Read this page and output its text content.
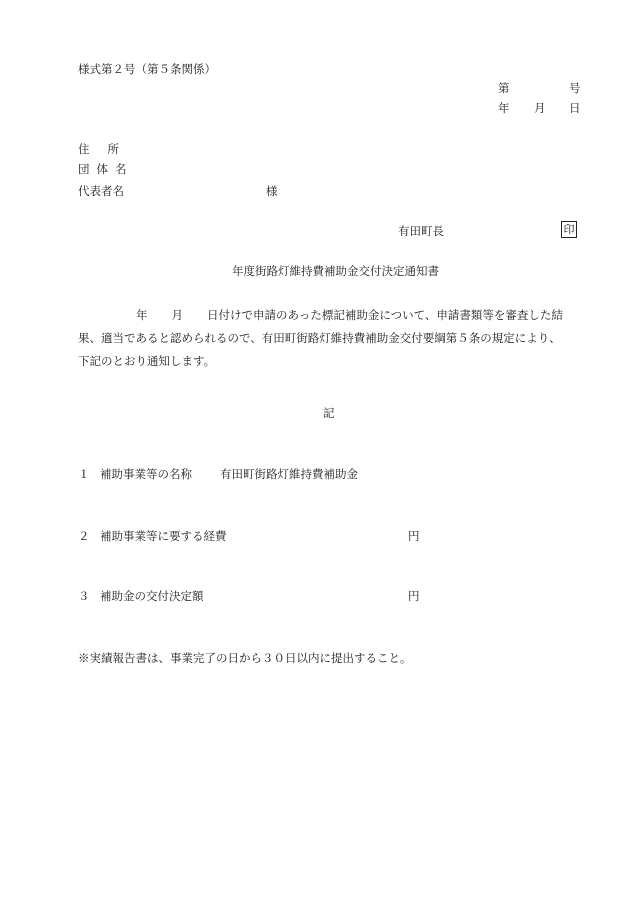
様式第２号（第５条関係）
第	号
年 月 日
住所
団体名
代表者名	様
有田町長	印
年度街路灯維持費補助金交付決定通知書
年 月 日付けで申請のあった標記補助金について、申請書類等を審査した結
果、適当であると認められるので、有田町街路灯維持費補助金交付要綱第５条の規定により、
下記のとおり通知します。
記
１ 補助事業等の名称 有田町街路灯維持費補助金
２ 補助事業等に要する経費	円
３ 補助金の交付決定額	円
※実績報告書は、事業完了の日から３０日以内に提出すること。
